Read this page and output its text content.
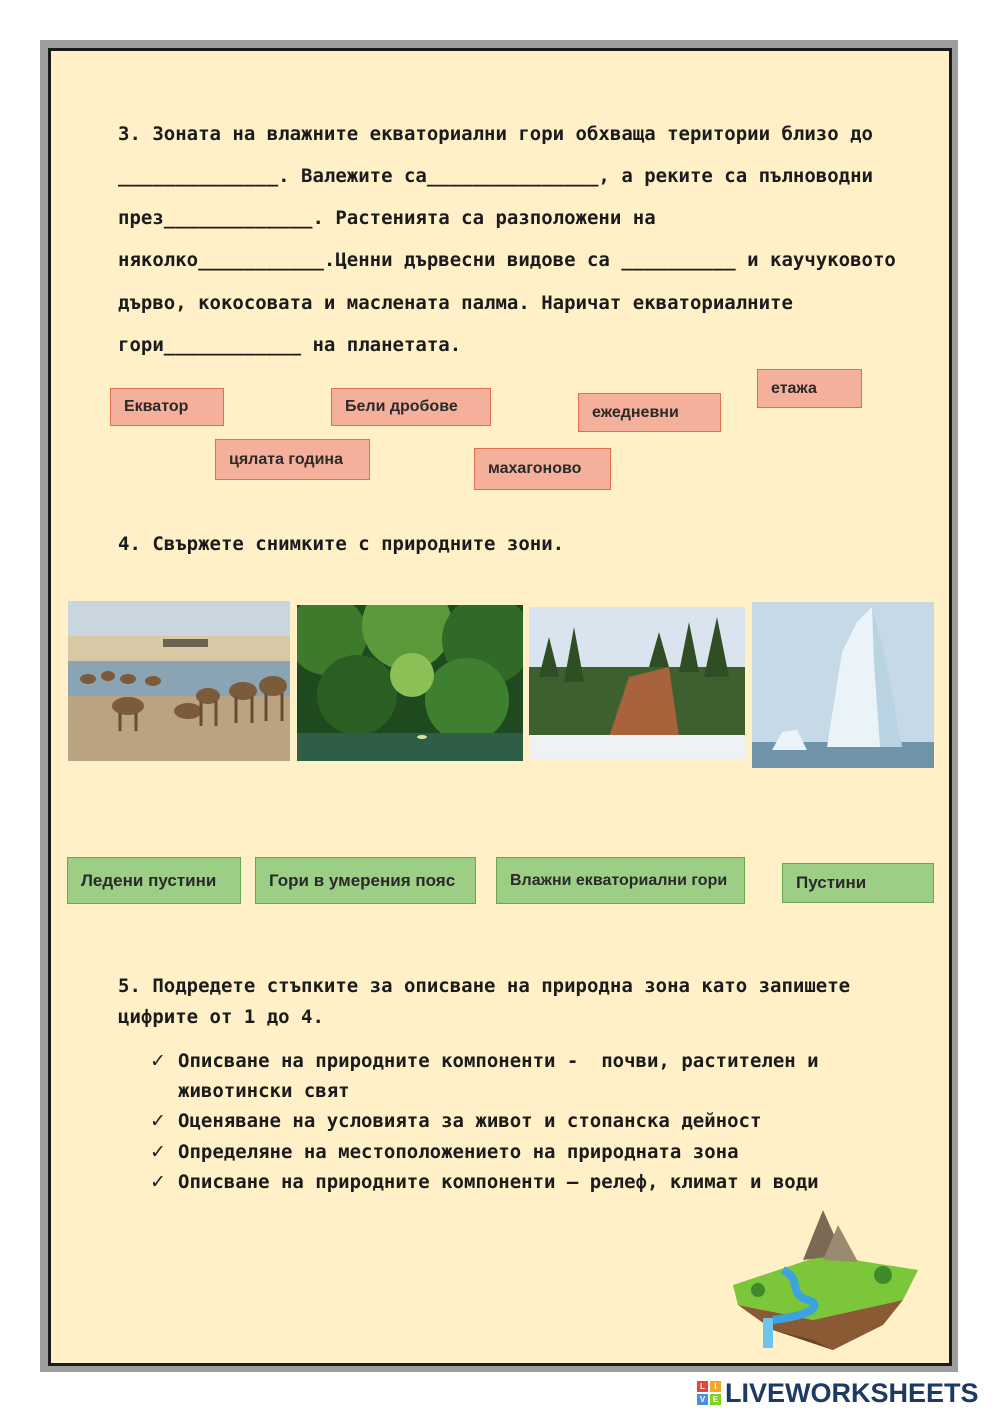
3. Зоната на влажните екваториални гори обхваща територии близо до
______________. Валежите са_______________, а реките са пълноводни
през_____________. Растенията са разположени на
няколко___________.Ценни дървесни видове са __________ и каучуковото
дърво, кокосовата и маслената палма. Наричат екваториалните
гори____________ на планетата.
Екватор	Бели дробове	ежедневни
етажа
цялата година
махагоново
4. Свържете снимките с природните зони.
Ледени пустини	Гори в умерения пояс	Влажни екваториални гори	Пустини
5. Подредете стъпките за описване на природна зона като запишете
цифрите от 1 до 4.
✓ Описване на природните компоненти -  почви, растителен и
животински свят
✓ Оценяване на условията за живот и стопанска дейност
✓ Определяне на местоположението на природната зона
✓ Описване на природните компоненти – релеф, климат и води
L	I
V E LIVEWORKSHEETS
